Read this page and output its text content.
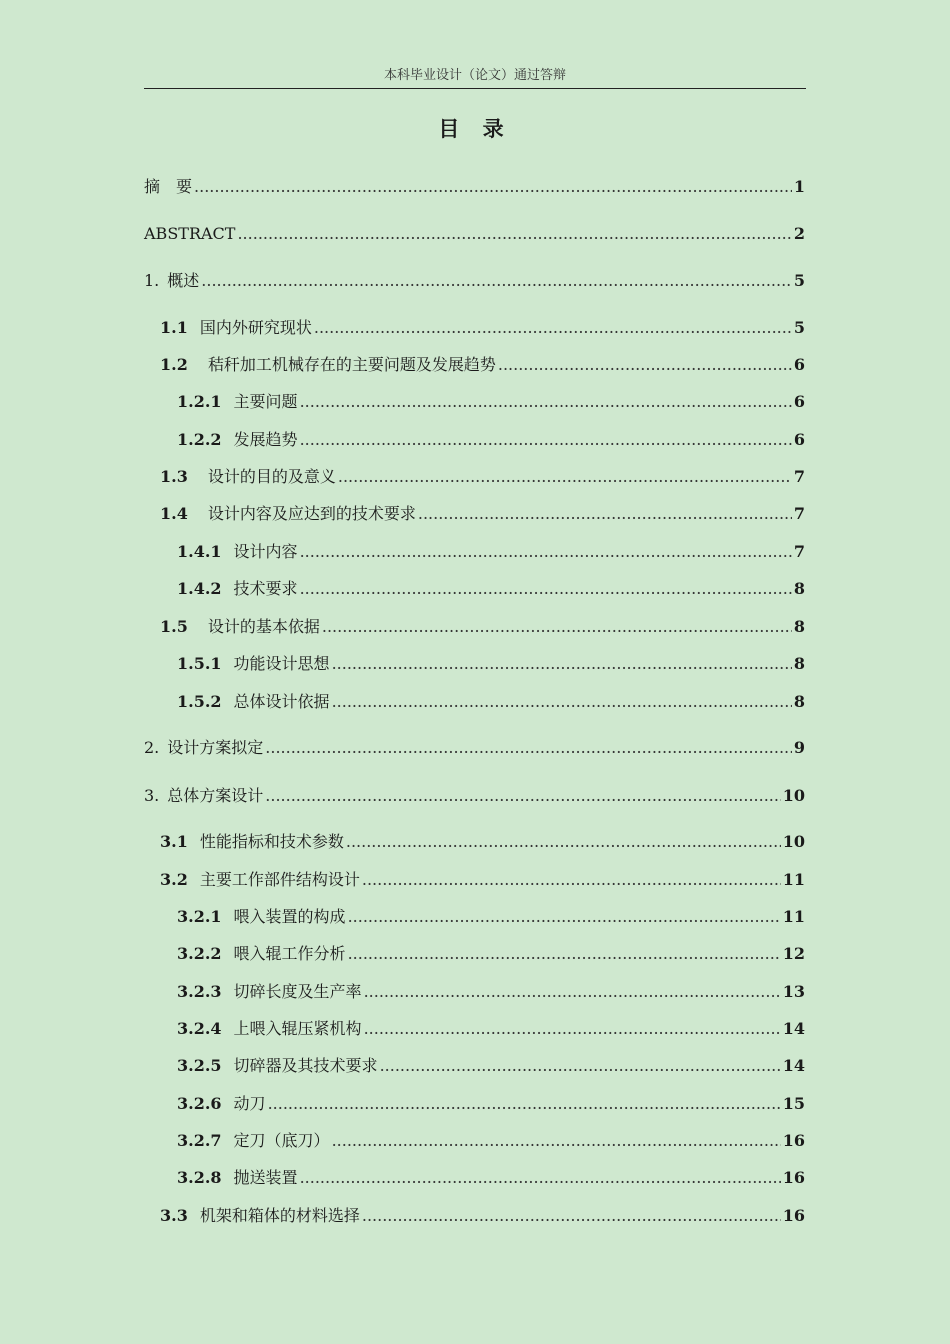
本科毕业设计（论文）通过答辩
目 录
摘　要 .....	1
ABSTRACT .....	2
1. 概述 .....	5
1.1 国内外研究现状 .....	5
1.2 秸秆加工机械存在的主要问题及发展趋势 .....	6
1.2.1 主要问题 .....	6
1.2.2 发展趋势 .....	6
1.3 设计的目的及意义 .....	7
1.4 设计内容及应达到的技术要求 .....	7
1.4.1 设计内容 .....	7
1.4.2 技术要求 .....	8
1.5 设计的基本依据 .....	8
1.5.1 功能设计思想 .....	8
1.5.2 总体设计依据 .....	8
2. 设计方案拟定 .....	9
3. 总体方案设计 .....	10
3.1 性能指标和技术参数 .....	10
3.2 主要工作部件结构设计 .....	11
3.2.1 喂入装置的构成 .....	11
3.2.2 喂入辊工作分析 .....	12
3.2.3 切碎长度及生产率 .....	13
3.2.4 上喂入辊压紧机构 .....	14
3.2.5 切碎器及其技术要求 .....	14
3.2.6 动刀 .....	15
3.2.7 定刀（底刀） .....	16
3.2.8 抛送装置 .....	16
3.3 机架和箱体的材料选择 .....	16
